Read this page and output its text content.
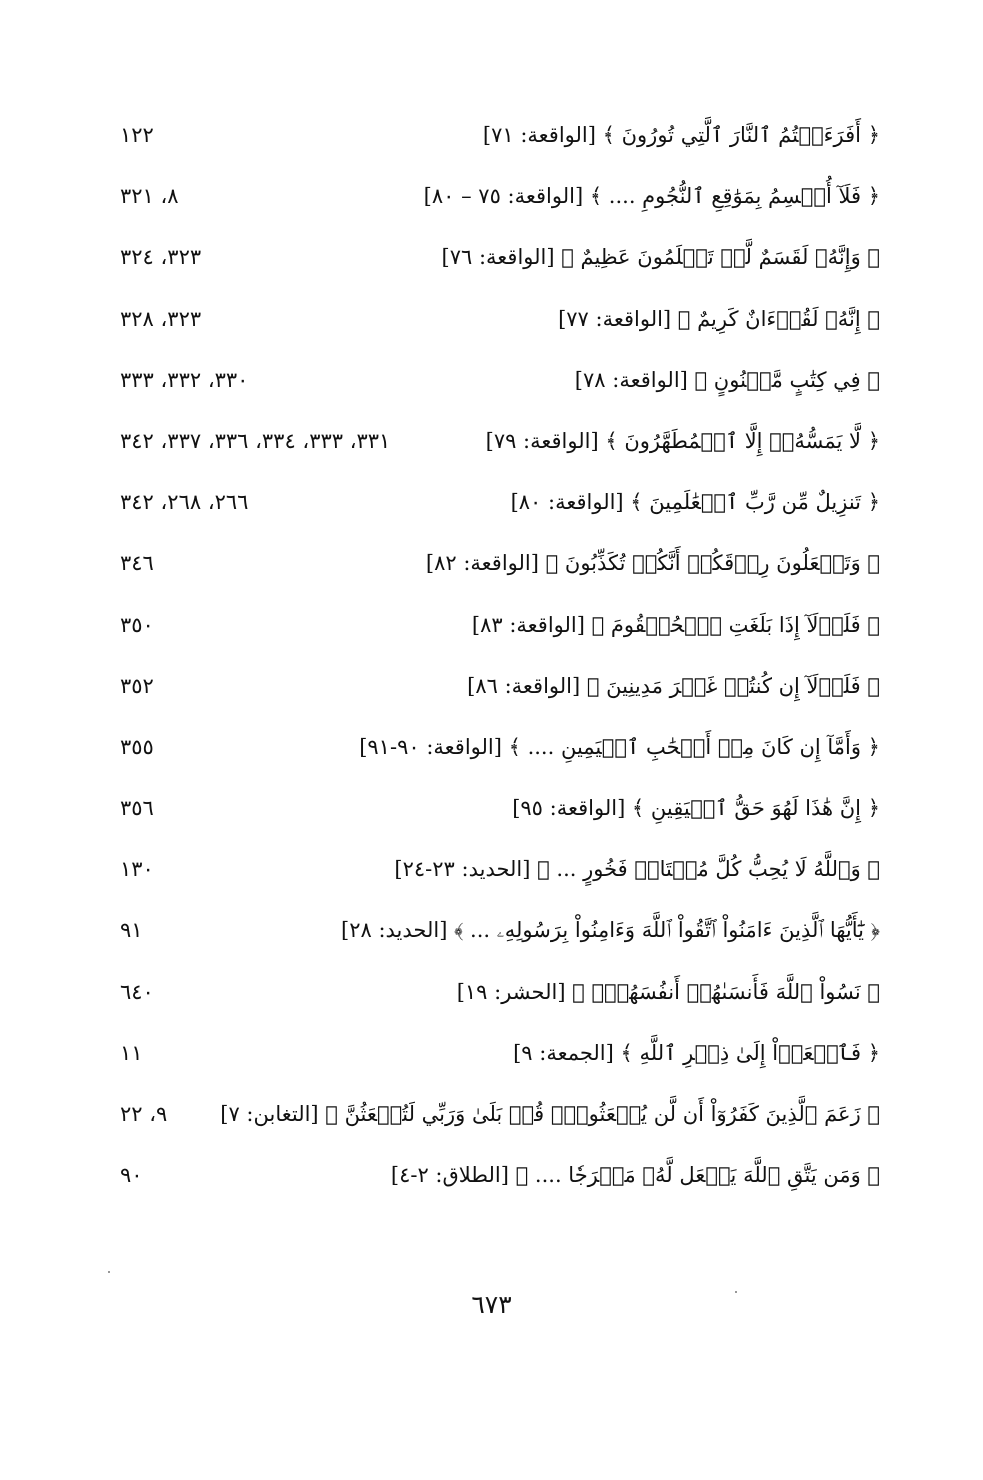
﴿ أَفَرَءَيۡتُمُ ٱلنَّارَ ٱلَّتِي تُورُونَ ﴾ [الواقعة: ٧١]
١٢٢
﴿ فَلَآ أُقۡسِمُ بِمَوَٰقِعِ ٱلنُّجُومِ .... ﴾ [الواقعة: ٧٥ – ٨٠]
٨، ٣٢١
﴿ وَإِنَّهُۥ لَقَسَمٌ لَّوۡ تَعۡلَمُونَ عَظِيمٌ ﴾ [الواقعة: ٧٦]
٣٢٣، ٣٢٤
﴿ إِنَّهُۥ لَقُرۡءَانٌ كَرِيمٌ ﴾ [الواقعة: ٧٧]
٣٢٣، ٣٢٨
﴿ فِي كِتَٰبٍ مَّكۡنُونٍ ﴾ [الواقعة: ٧٨]
٣٣٠، ٣٣٢، ٣٣٣
﴿ لَّا يَمَسُّهُۥٓ إِلَّا ٱلۡمُطَهَّرُونَ ﴾ [الواقعة: ٧٩]
٣٣١، ٣٣٣، ٣٣٤، ٣٣٦، ٣٣٧، ٣٤٢
﴿ تَنزِيلٌ مِّن رَّبِّ ٱلۡعَٰلَمِينَ ﴾ [الواقعة: ٨٠]
٢٦٦، ٢٦٨، ٣٤٢
﴿ وَتَجۡعَلُونَ رِزۡقَكُمۡ أَنَّكُمۡ تُكَذِّبُونَ ﴾ [الواقعة: ٨٢]
٣٤٦
﴿ فَلَوۡلَآ إِذَا بَلَغَتِ ٱلۡحُلۡقُومَ ﴾ [الواقعة: ٨٣]
٣٥٠
﴿ فَلَوۡلَآ إِن كُنتُمۡ غَيۡرَ مَدِينِينَ ﴾ [الواقعة: ٨٦]
٣٥٢
﴿ وَأَمَّآ إِن كَانَ مِنۡ أَصۡحَٰبِ ٱلۡيَمِينِ .... ﴾ [الواقعة: ٩٠-٩١]
٣٥٥
﴿ إِنَّ هَٰذَا لَهُوَ حَقُّ ٱلۡيَقِينِ ﴾ [الواقعة: ٩٥]
٣٥٦
﴿ وَٱللَّهُ لَا يُحِبُّ كُلَّ مُخۡتَالٖ فَخُورٍ ... ﴾ [الحديد: ٢٣-٢٤]
١٣٠
﴿ يَٰٓأَيُّهَا ٱلَّذِينَ ءَامَنُواْ ٱتَّقُواْ ٱللَّهَ وَءَامِنُواْ بِرَسُولِهِۦ ... ﴾ [الحديد: ٢٨]
٩١
﴿ نَسُواْ ٱللَّهَ فَأَنسَىٰهُمۡ أَنفُسَهُمۡۚ ﴾ [الحشر: ١٩]
٦٤٠
﴿ فَٱسۡعَوۡاْ إِلَىٰ ذِكۡرِ ٱللَّهِ ﴾ [الجمعة: ٩]
١١
﴿ زَعَمَ ٱلَّذِينَ كَفَرُوٓاْ أَن لَّن يُبۡعَثُواْۚ قُلۡ بَلَىٰ وَرَبِّي لَتُبۡعَثُنَّ ﴾ [التغابن: ٧]
٩، ٢٢
﴿ وَمَن يَتَّقِ ٱللَّهَ يَجۡعَل لَّهُۥ مَخۡرَجٗا .... ﴾ [الطلاق: ٢-٤]
٩٠
٦٧٣
